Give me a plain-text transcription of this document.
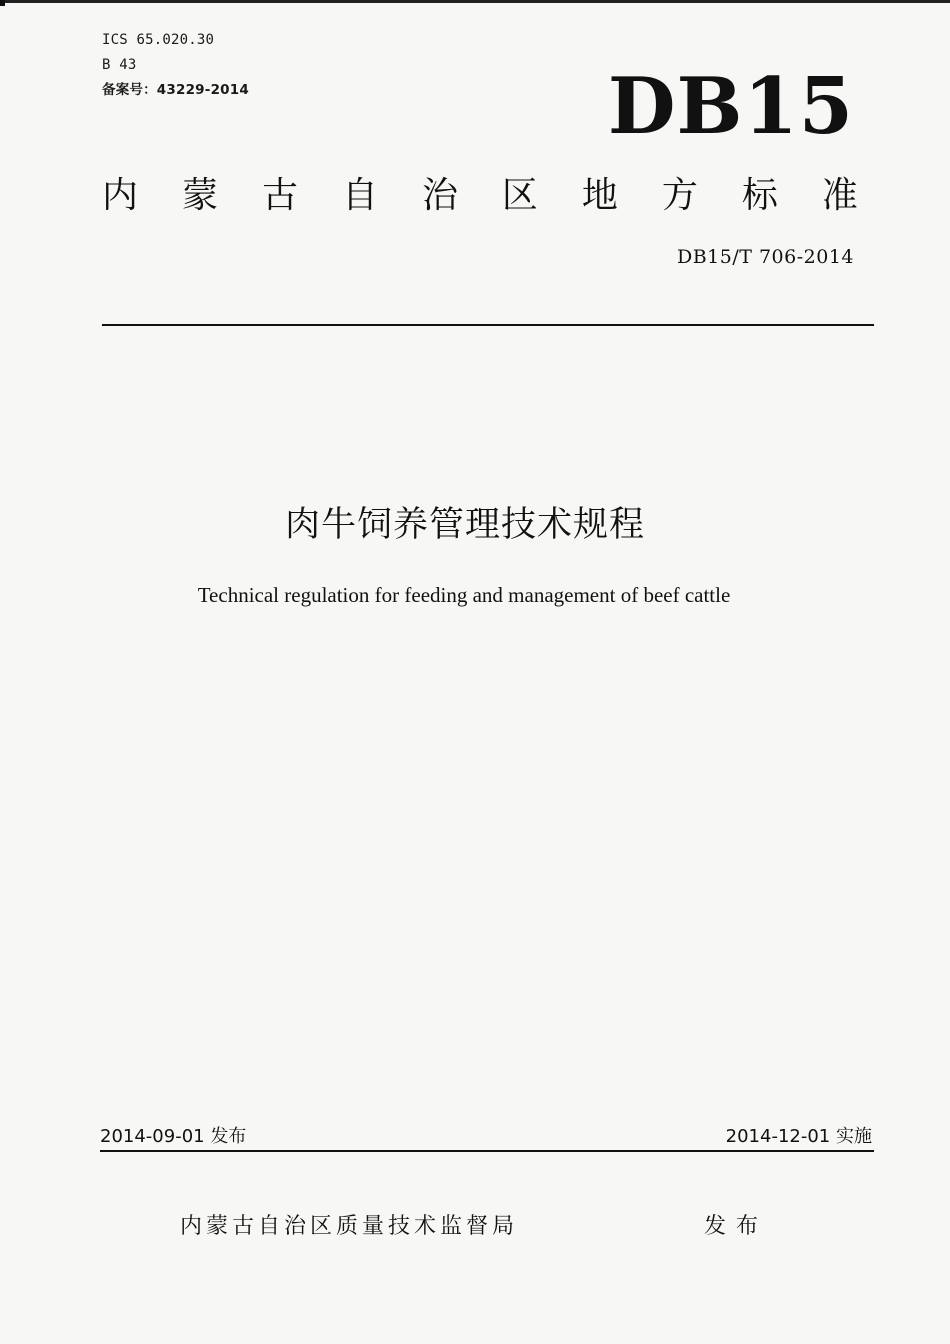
ICS 65.020.30
B 43
备案号：43229-2014	DB15
内 蒙 古 自 治 区 地 方 标 准
DB15/T 706-2014
肉牛饲养管理技术规程
Technical regulation for feeding and management of beef cattle
2014-09-01 发布	2014-12-01 实施
内蒙古自治区质量技术监督局	发布
